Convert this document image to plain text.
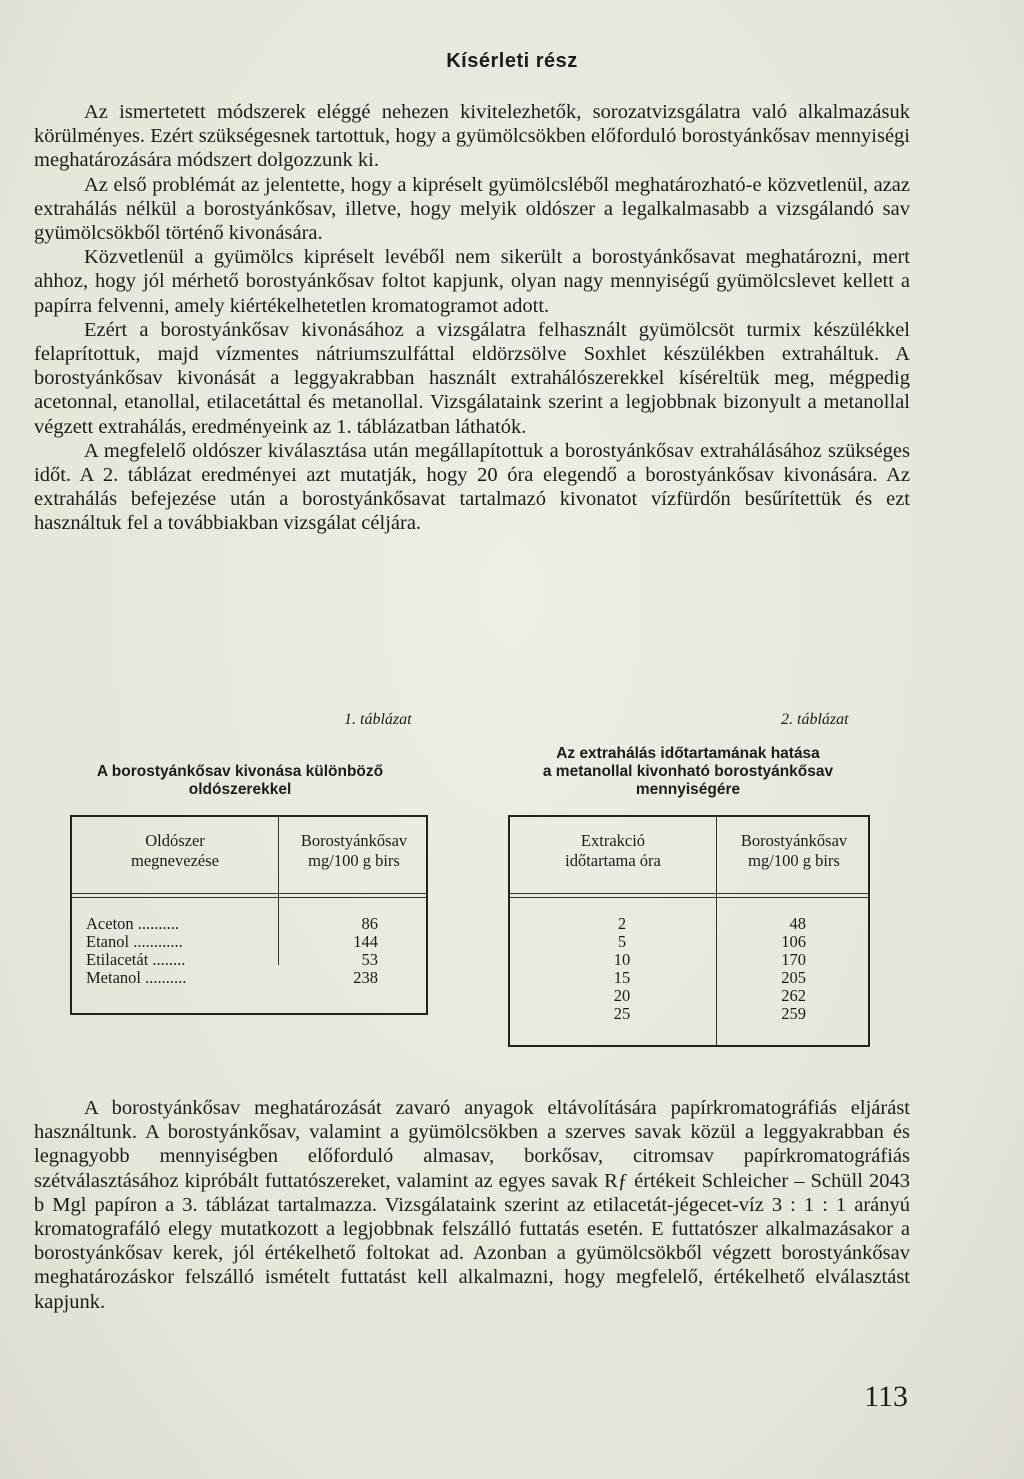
Kísérleti rész

Az ismertetett módszerek eléggé nehezen kivitelezhetők, sorozatvizsgálatra való alkalmazásuk körülményes. Ezért szükségesnek tartottuk, hogy a gyümölcsökben előforduló borostyánkősav mennyiségi meghatározására módszert dolgozzunk ki.

Az első problémát az jelentette, hogy a kipréselt gyümölcsléből meghatározható-e közvetlenül, azaz extrahálás nélkül a borostyánkősav, illetve, hogy melyik oldószer a legalkalmasabb a vizsgálandó sav gyümölcsökből történő kivonására.

Közvetlenül a gyümölcs kipréselt levéből nem sikerült a borostyánkősavat meghatározni, mert ahhoz, hogy jól mérhető borostyánkősav foltot kapjunk, olyan nagy mennyiségű gyümölcslevet kellett a papírra felvenni, amely kiértékelhetetlen kromatogramot adott.

Ezért a borostyánkősav kivonásához a vizsgálatra felhasznált gyümölcsöt turmix készülékkel felaprítottuk, majd vízmentes nátriumszulfáttal eldörzsölve Soxhlet készülékben extraháltuk. A borostyánkősav kivonását a leggyakrabban használt extrahálószerekkel kíséreltük meg, mégpedig acetonnal, etanollal, etilacetáttal és metanollal. Vizsgálataink szerint a legjobbnak bizonyult a metanollal végzett extrahálás, eredményeink az 1. táblázatban láthatók.

A megfelelő oldószer kiválasztása után megállapítottuk a borostyánkősav extrahálásához szükséges időt. A 2. táblázat eredményei azt mutatják, hogy 20 óra elegendő a borostyánkősav kivonására. Az extrahálás befejezése után a borostyánkősavat tartalmazó kivonatot vízfürdőn besűrítettük és ezt használtuk fel a továbbiakban vizsgálat céljára.

1. táblázat
A borostyánkősav kivonása különböző
oldószerekkel
Oldószer
megnevezése
Borostyánkősav
mg/100 g birs
Aceton ..........
Etanol ............
Etilacetát ........
Metanol ..........
86
144
53
238
2. táblázat
Az extrahálás időtartamának hatása
a metanollal kivonható borostyánkősav
mennyiségére
Extrakció
időtartama óra
Borostyánkősav
mg/100 g birs
2
5
10
15
20
25
48
106
170
205
262
259

A borostyánkősav meghatározását zavaró anyagok eltávolítására papírkromatográfiás eljárást használtunk. A borostyánkősav, valamint a gyümölcsökben a szerves savak közül a leggyakrabban és legnagyobb mennyiségben előforduló almasav, borkősav, citromsav papírkromatográfiás szétválasztásához kipróbált futtatószereket, valamint az egyes savak Rƒ értékeit Schleicher – Schüll 2043 b Mgl papíron a 3. táblázat tartalmazza. Vizsgálataink szerint az etilacetát-jégecet-víz 3 : 1 : 1 arányú kromatografáló elegy mutatkozott a legjobbnak felszálló futtatás esetén. E futtatószer alkalmazásakor a borostyánkősav kerek, jól értékelhető foltokat ad. Azonban a gyümölcsökből végzett borostyánkősav meghatározáskor felszálló ismételt futtatást kell alkalmazni, hogy megfelelő, értékelhető elválasztást kapjunk.

113
